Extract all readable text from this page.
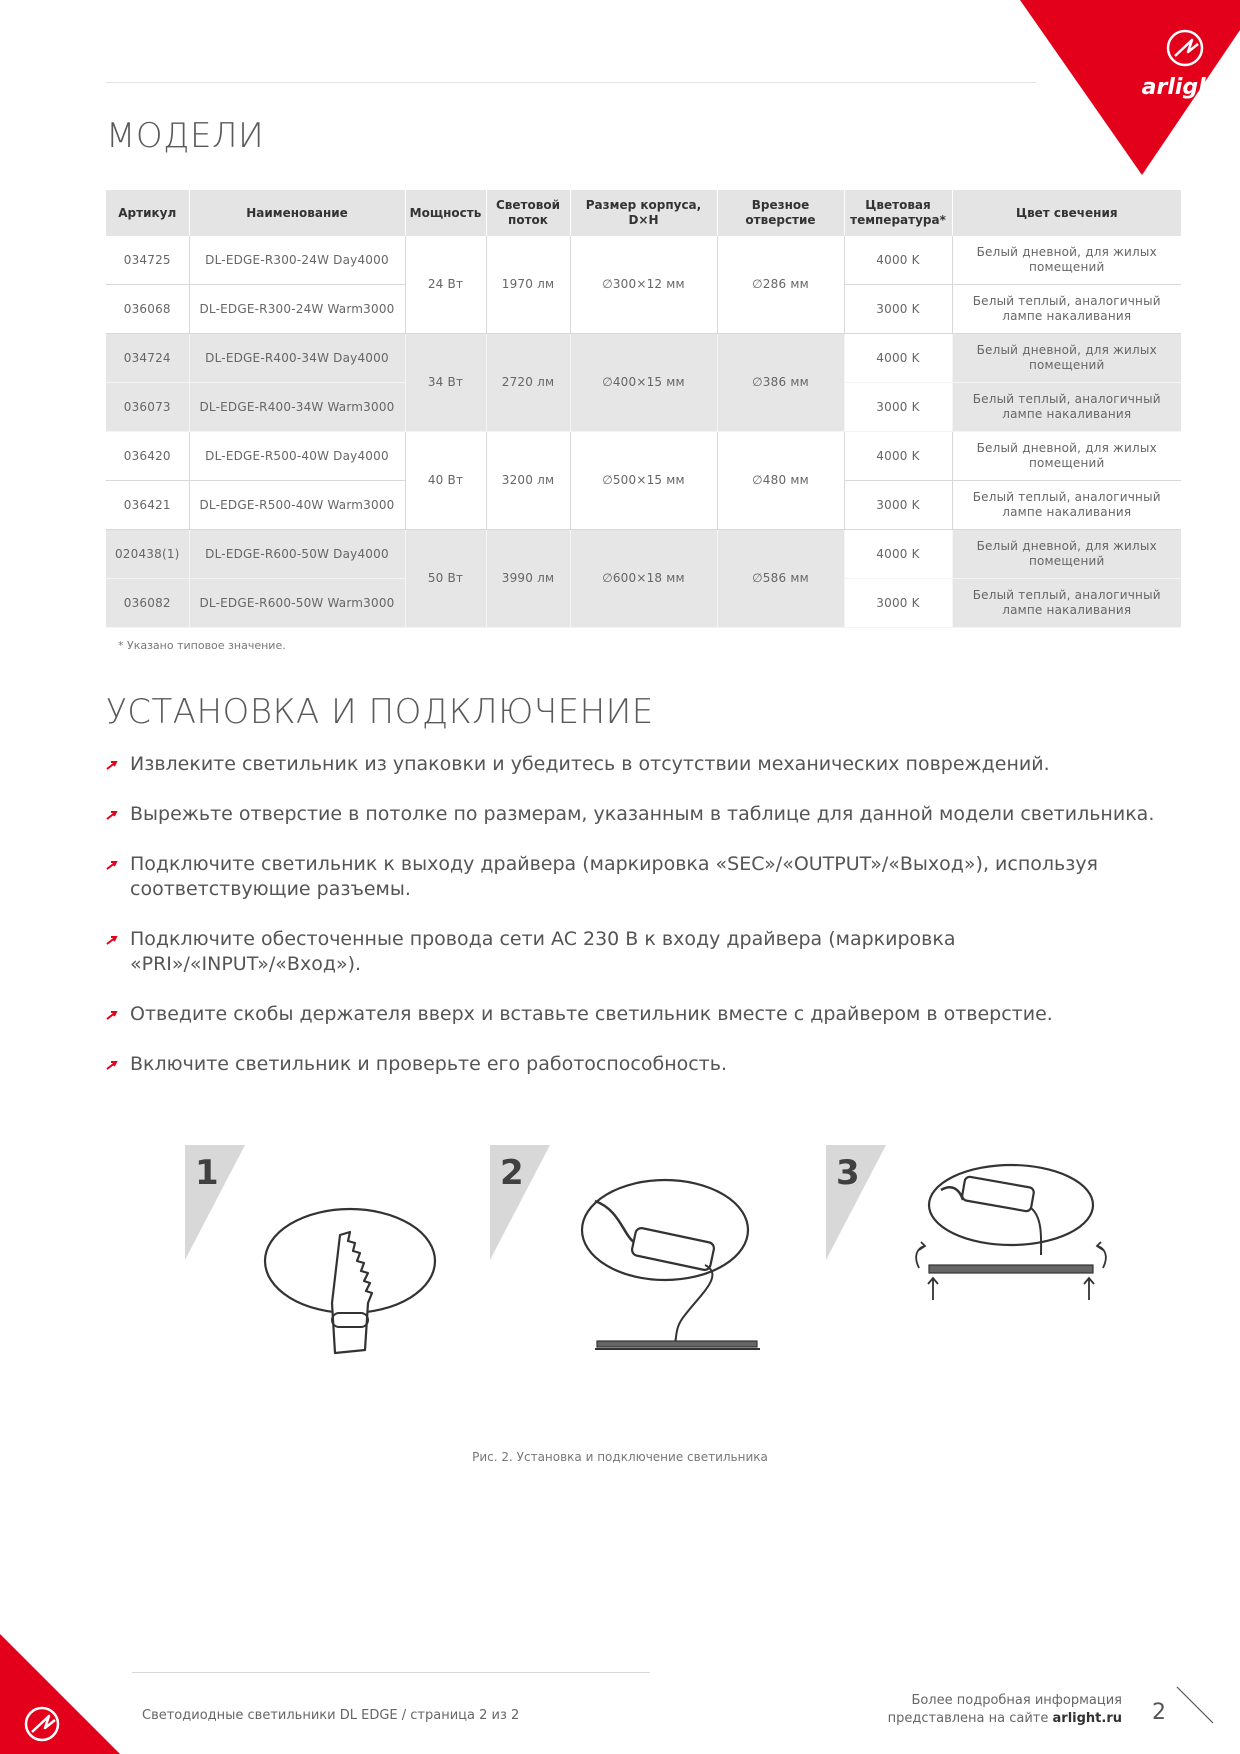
arlight
МОДЕЛИ
Артикул	Наименование	Мощность	Световой поток	Размер корпуса, D×H	Врезное отверстие	Цветовая температура*	Цвет свечения
034725	DL-EDGE-R300-24W Day4000	24 Вт	1970 лм	∅300×12 мм	∅286 мм	4000 K	Белый дневной, для жилых помещений
036068	DL-EDGE-R300-24W Warm3000					3000 K	Белый теплый, аналогичный лампе накаливания
034724	DL-EDGE-R400-34W Day4000	34 Вт	2720 лм	∅400×15 мм	∅386 мм	4000 K	Белый дневной, для жилых помещений
036073	DL-EDGE-R400-34W Warm3000					3000 K	Белый теплый, аналогичный лампе накаливания
036420	DL-EDGE-R500-40W Day4000	40 Вт	3200 лм	∅500×15 мм	∅480 мм	4000 K	Белый дневной, для жилых помещений
036421	DL-EDGE-R500-40W Warm3000					3000 K	Белый теплый, аналогичный лампе накаливания
020438(1)	DL-EDGE-R600-50W Day4000	50 Вт	3990 лм	∅600×18 мм	∅586 мм	4000 K	Белый дневной, для жилых помещений
036082	DL-EDGE-R600-50W Warm3000					3000 K	Белый теплый, аналогичный лампе накаливания
* Указано типовое значение.
УСТАНОВКА И ПОДКЛЮЧЕНИЕ
Извлеките светильник из упаковки и убедитесь в отсутствии механических повреждений.
Вырежьте отверстие в потолке по размерам, указанным в таблице для данной модели светильника.
Подключите светильник к выходу драйвера (маркировка «SEC»/«OUTPUT»/«Выход»), используя соответствующие разъемы.
Подключите обесточенные провода сети AC 230 В к входу драйвера (маркировка «PRI»/«INPUT»/«Вход»).
Отведите скобы держателя вверх и вставьте светильник вместе с драйвером в отверстие.
Включите светильник и проверьте его работоспособность.
1	2	3
Рис. 2. Установка и подключение светильника
Светодиодные светильники DL EDGE / страница 2 из 2
Более подробная информация
представлена на сайте arlight.ru 2
